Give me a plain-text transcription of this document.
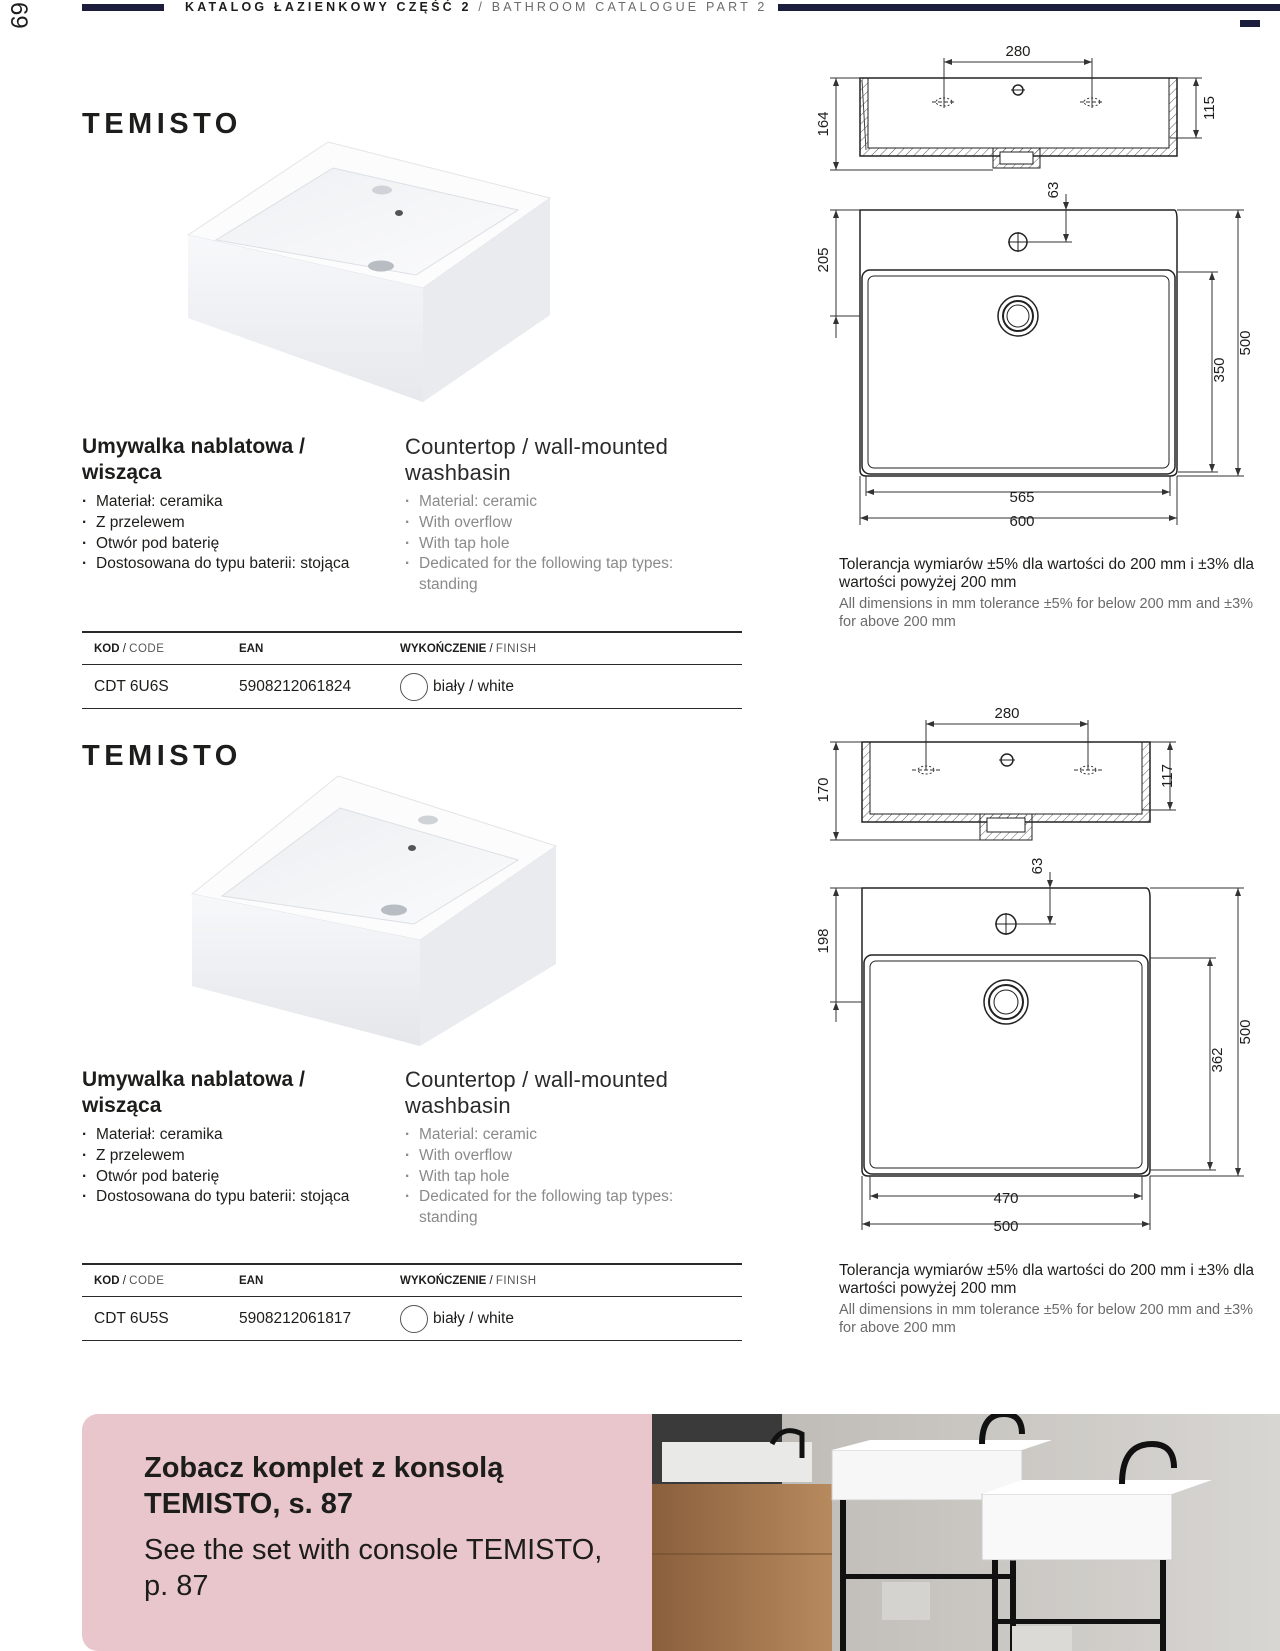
69	KATALOG ŁAZIENKOWY CZĘŚĆ 2 / BATHROOM CATALOGUE PART 2
TEMISTO
Umywalka nablatowa / wisząca
Countertop / wall-mounted washbasin
· Materiał: ceramika
· Z przelewem
· Otwór pod baterię
· Dostosowana do typu baterii: stojąca
· Material: ceramic
· With overflow
· With tap hole
· Dedicated for the following tap types: standing
KOD / CODE	EAN	WYKOŃCZENIE / FINISH
CDT 6U6S	5908212061824	biały / white
280
164
115
63
205
350
500
565
600
Tolerancja wymiarów ±5% dla wartości do 200 mm i ±3% dla wartości powyżej 200 mm
All dimensions in mm tolerance ±5% for below 200 mm and ±3% for above 200 mm
TEMISTO
Umywalka nablatowa / wisząca
Countertop / wall-mounted washbasin
· Materiał: ceramika
· Z przelewem
· Otwór pod baterię
· Dostosowana do typu baterii: stojąca
· Material: ceramic
· With overflow
· With tap hole
· Dedicated for the following tap types: standing
KOD / CODE	EAN	WYKOŃCZENIE / FINISH
CDT 6U5S	5908212061817	biały / white
280
170
117
63
198
362
500
470
500
Tolerancja wymiarów ±5% dla wartości do 200 mm i ±3% dla wartości powyżej 200 mm
All dimensions in mm tolerance ±5% for below 200 mm and ±3% for above 200 mm
Zobacz komplet z konsolą TEMISTO, s. 87
See the set with console TEMISTO, p. 87
